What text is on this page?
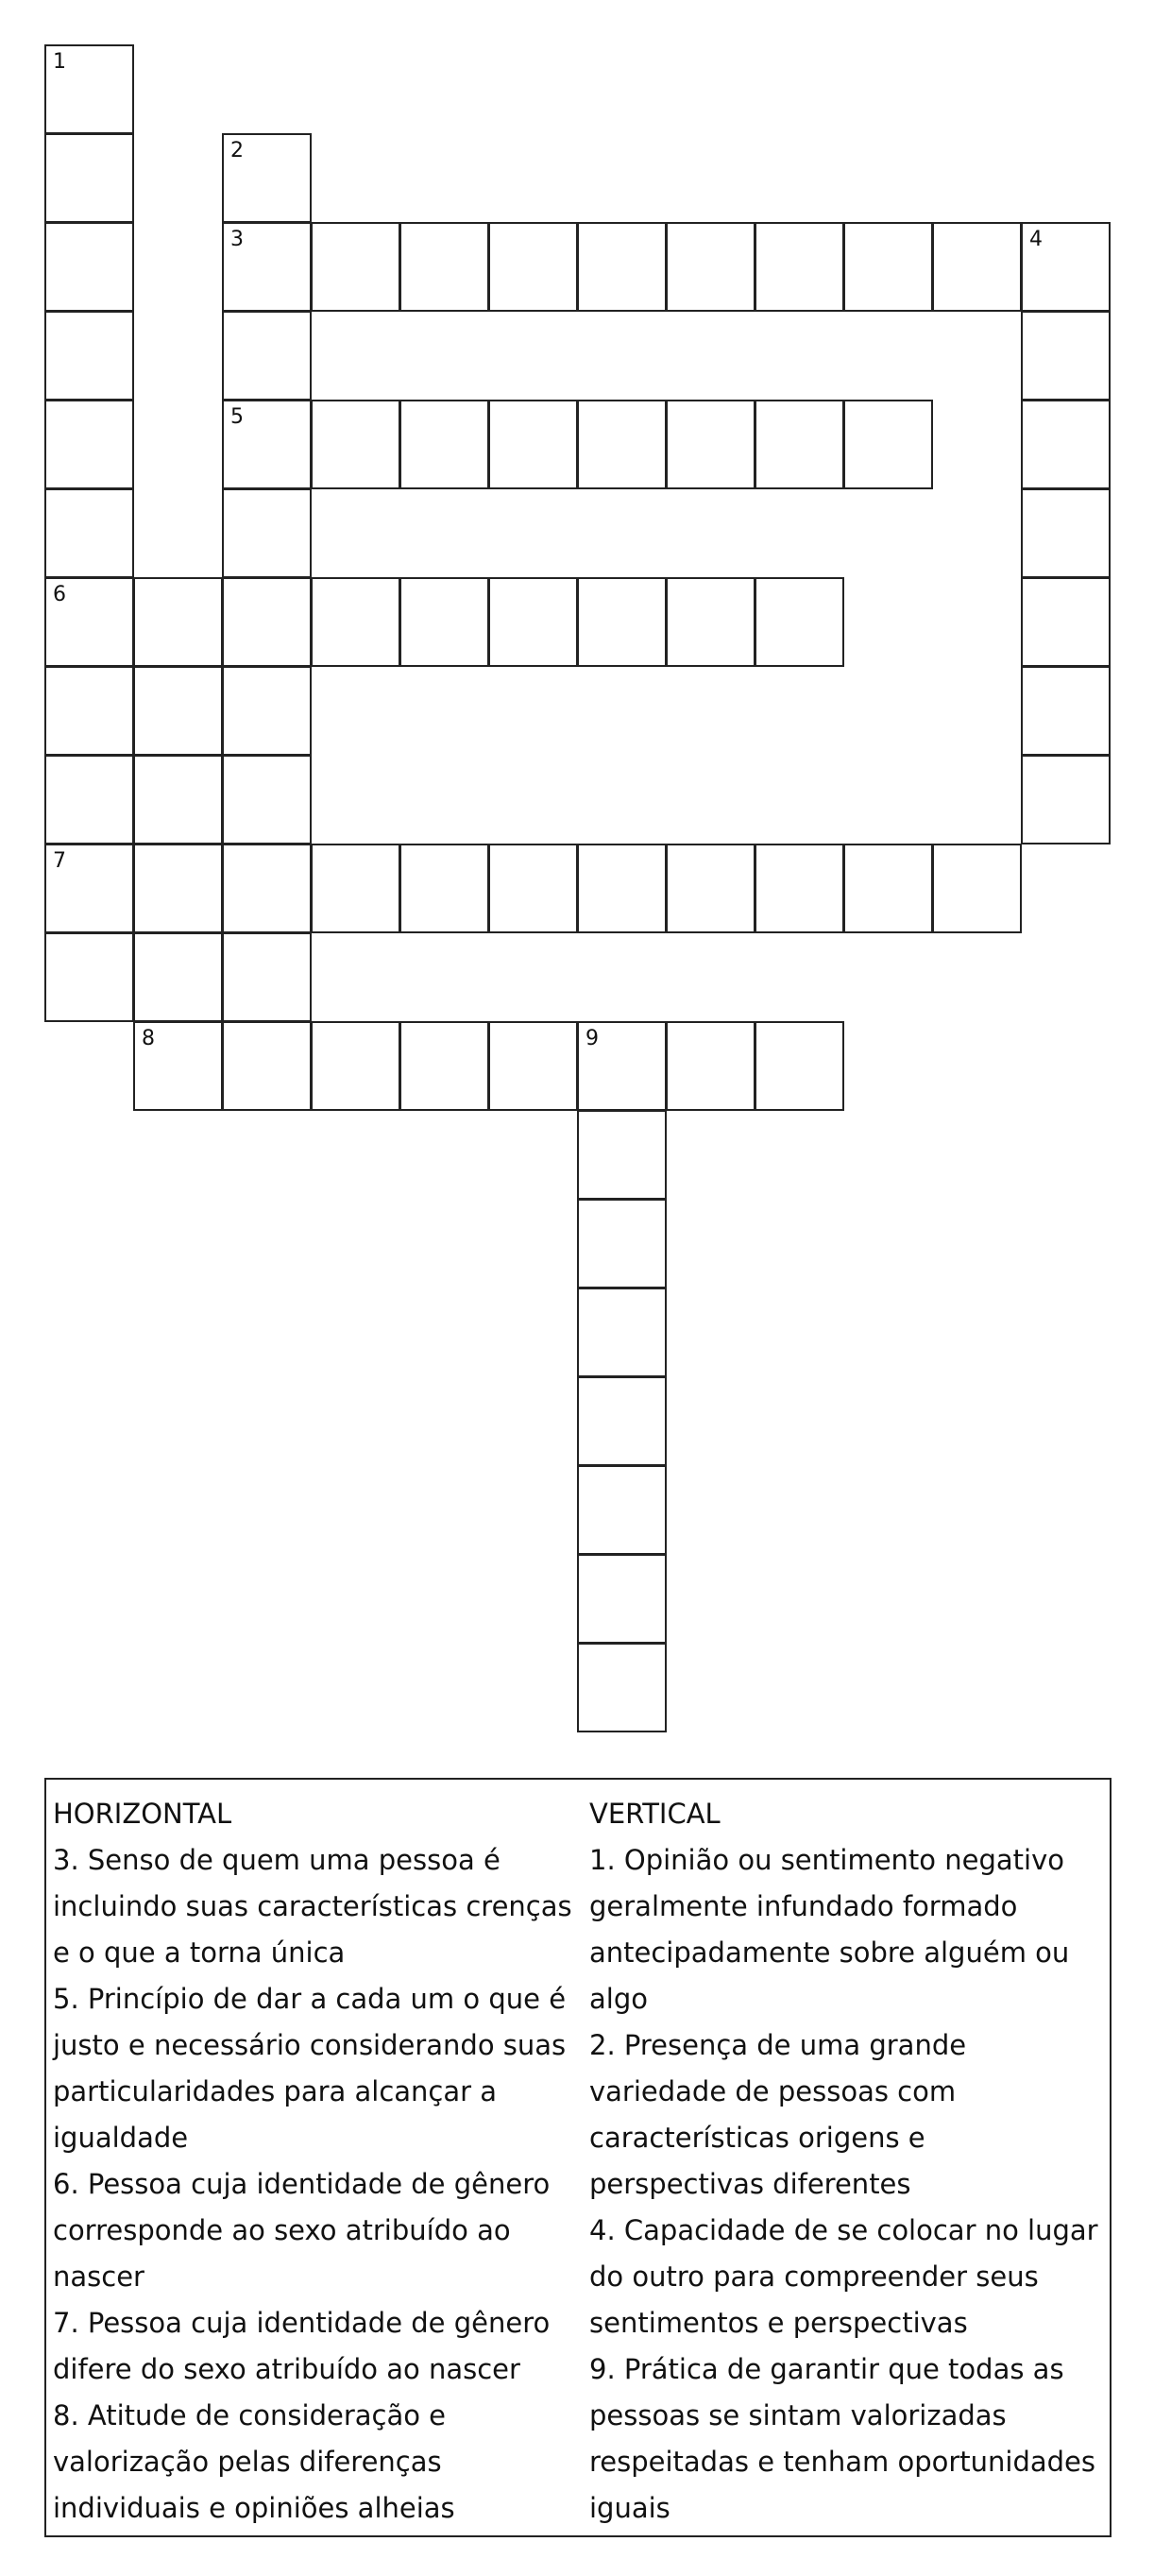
1
6
7
2
3
5
4
8	9
HORIZONTAL

3. Senso de quem uma pessoa é incluindo suas características crenças e o que a torna única

5. Princípio de dar a cada um o que é justo e necessário considerando suas particularidades para alcançar a igualdade

6. Pessoa cuja identidade de gênero corresponde ao sexo atribuído ao nascer

7. Pessoa cuja identidade de gênero difere do sexo atribuído ao nascer

8. Atitude de consideração e valorização pelas diferenças individuais e opiniões alheias

VERTICAL

1. Opinião ou sentimento negativo geralmente infundado formado antecipadamente sobre alguém ou algo

2. Presença de uma grande variedade de pessoas com características origens e perspectivas diferentes

4. Capacidade de se colocar no lugar do outro para compreender seus sentimentos e perspectivas

9. Prática de garantir que todas as pessoas se sintam valorizadas respeitadas e tenham oportunidades iguais
